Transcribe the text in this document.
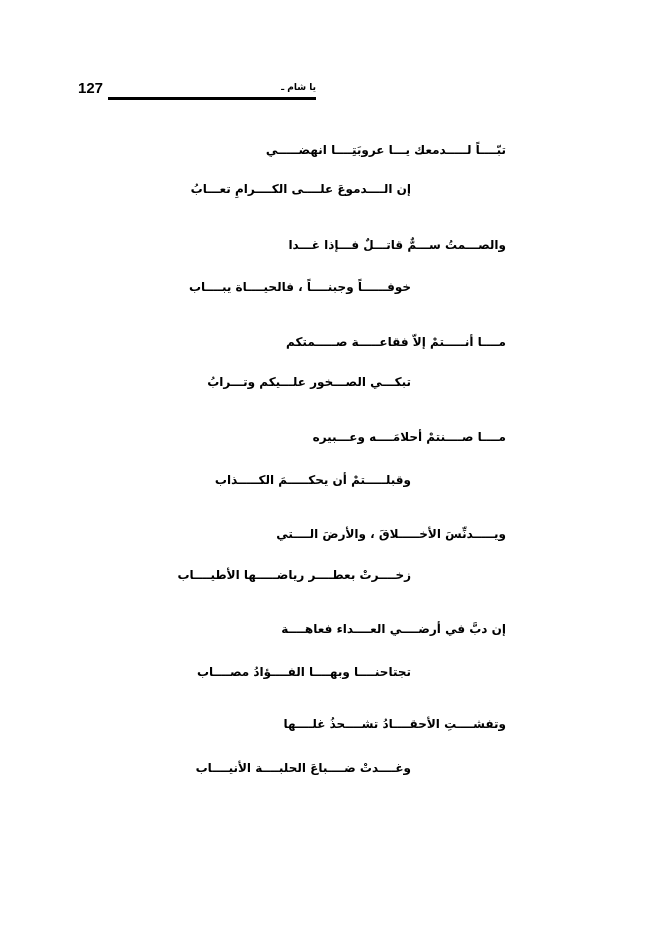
127	يا شام ـ
تبّــــاً لـــــدمعك يـــا عروبَتِــــا انهضـــــي
إن الــــدموعَ علــــى الكــــرامِ تعـــابُ
والصـــمتُ ســـمٌّ قاتـــلٌ فـــإذا غـــدا
خوفــــــاً وجبنــــاً ، فالحيــــاة يبــــاب
مــــا أنـــــتمْ إلاّ فقاعـــــة صـــــمتكم
تبكـــي الصـــخور علـــيكم وتـــرابُ
مــــا صــــنتمْ أحلامَــــه وعـــبيره
وقبلـــــتمْ أن يحكـــــمَ الكـــــذاب
ويـــــدنِّسَ الأخـــــلاقَ ، والأرضَ الــــتي
زخــــرتْ بعطــــر رياضـــــها الأطيــــاب
إن دبَّ في أرضــــي العــــداء فعاهــــة
تجتاحنــــا وبهــــا الفــــؤادُ مصــــاب
وتفشــــتِ الأحقــــادُ تشــــحذُ غلــــها
وغــــدتْ ضــــباعَ الحلبــــة الأنيــــاب
